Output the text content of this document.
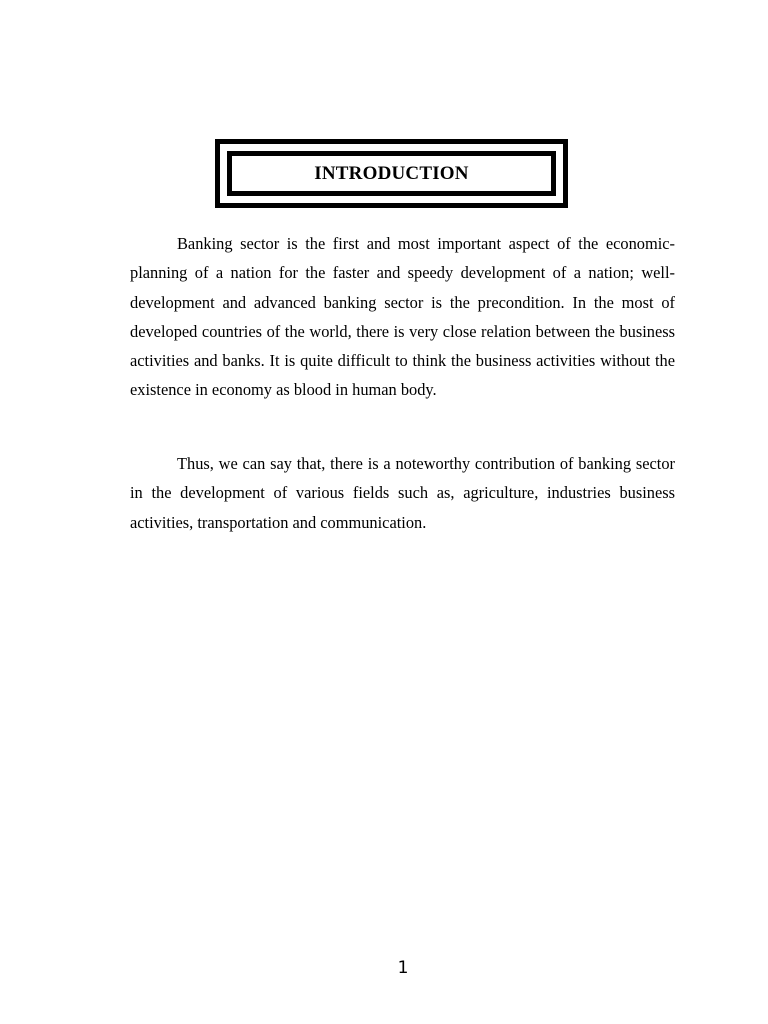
INTRODUCTION

Banking sector is the first and most important aspect of the economic-planning of a nation for the faster and speedy development of a nation; well-development and advanced banking sector is the precondition. In the most of developed countries of the world, there is very close relation between the business activities and banks. It is quite difficult to think the business activities without the existence in economy as blood in human body.

Thus, we can say that, there is a noteworthy contribution of banking sector in the development of various fields such as, agriculture, industries business activities, transportation and communication.

1
